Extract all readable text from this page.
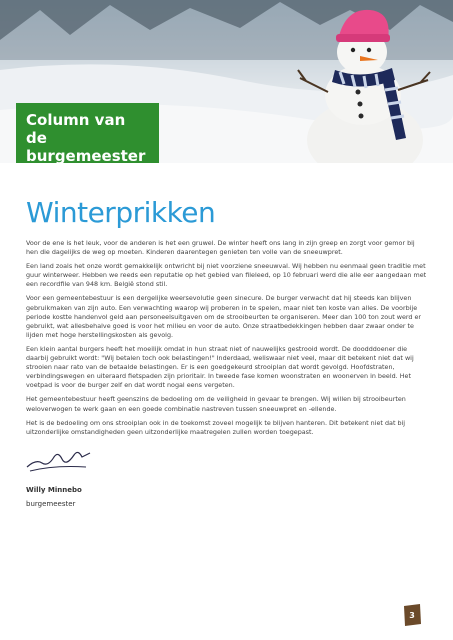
Column van de
burgemeester
Winterprikken

Voor de ene is het leuk, voor de anderen is het een gruwel. De winter heeft ons lang in zijn greep en zorgt voor gemor bij hen die dagelijks de weg op moeten. Kinderen daarentegen genieten ten volle van de sneeuwpret.

Een land zoals het onze wordt gemakkelijk ontwricht bij niet voorziene sneeuwval. Wij hebben nu eenmaal geen traditie met guur winterweer. Hebben we reeds een reputatie op het gebied van fileleed, op 10 februari werd die alle eer aangedaan met een recordfile van 948 km. België stond stil.

Voor een gemeentebestuur is een dergelijke weersevolutie geen sinecure. De burger verwacht dat hij steeds kan blijven gebruikmaken van zijn auto. Een verwachting waarop wij proberen in te spelen, maar niet ten koste van alles. De voorbije periode kostte handenvol geld aan personeelsuitgaven om de strooibeurten te organiseren. Meer dan 100 ton zout werd er gebruikt, wat allesbehalve goed is voor het milieu en voor de auto. Onze straatbedekkingen hebben daar zwaar onder te lijden met hoge herstellingskosten als gevolg.

Een klein aantal burgers heeft het moeilijk omdat in hun straat niet of nauwelijks gestrooid wordt. De doodddoener die daarbij gebruikt wordt: "Wij betalen toch ook belastingen!" Inderdaad, weliswaar niet veel, maar dit betekent niet dat wij strooien naar rato van de betaalde belastingen. Er is een goedgekeurd strooiplan dat wordt gevolgd. Hoofdstraten, verbindingswegen en uiteraard fietspaden zijn prioritair. In tweede fase komen woonstraten en woonerven in beeld. Het voetpad is voor de burger zelf en dat wordt nogal eens vergeten.

Het gemeentebestuur heeft geenszins de bedoeling om de veiligheid in gevaar te brengen. Wij willen bij strooibeurten weloverwogen te werk gaan en een goede combinatie nastreven tussen sneeuwpret en -ellende.

Het is de bedoeling om ons strooiplan ook in de toekomst zoveel mogelijk te blijven hanteren. Dit betekent niet dat bij uitzonderlijke omstandigheden geen uitzonderlijke maatregelen zullen worden toegepast.

Willy Minnebo
burgemeester
3
